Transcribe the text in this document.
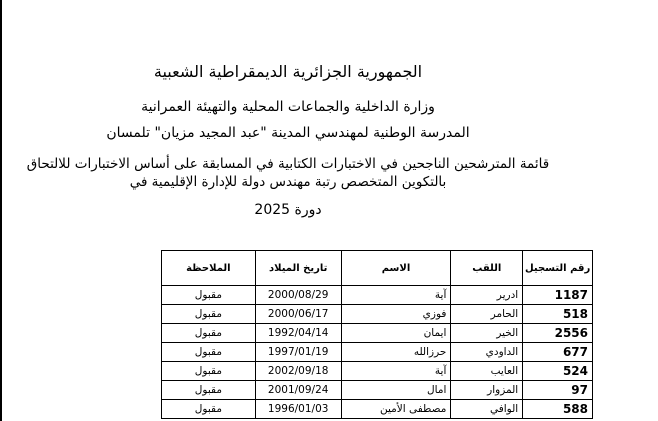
الجمهورية الجزائرية الديمقراطية الشعبية
وزارة الداخلية والجماعات المحلية والتهيئة العمرانية
المدرسة الوطنية لمهندسي المدينة "عبد المجيد مزيان" تلمسان
قائمة المترشحين الناجحين في الاختبارات الكتابية في المسابقة على أساس الاختبارات للالتحاق بالتكوين المتخصص رتبة مهندس دولة للإدارة الإقليمية في
دورة 2025
رقم التسجيل	اللقب	الاسم	تاريخ الميلاد	الملاحظة
1187	ادرير	آية	2000/08/29	مقبول
518	الحامر	فوزي	2000/06/17	مقبول
2556	الخير	ايمان	1992/04/14	مقبول
677	الداودي	حرزالله	1997/01/19	مقبول
524	العايب	آية	2002/09/18	مقبول
97	المزوار	امال	2001/09/24	مقبول
588	الوافي	مصطفى الأمين	1996/01/03	مقبول
